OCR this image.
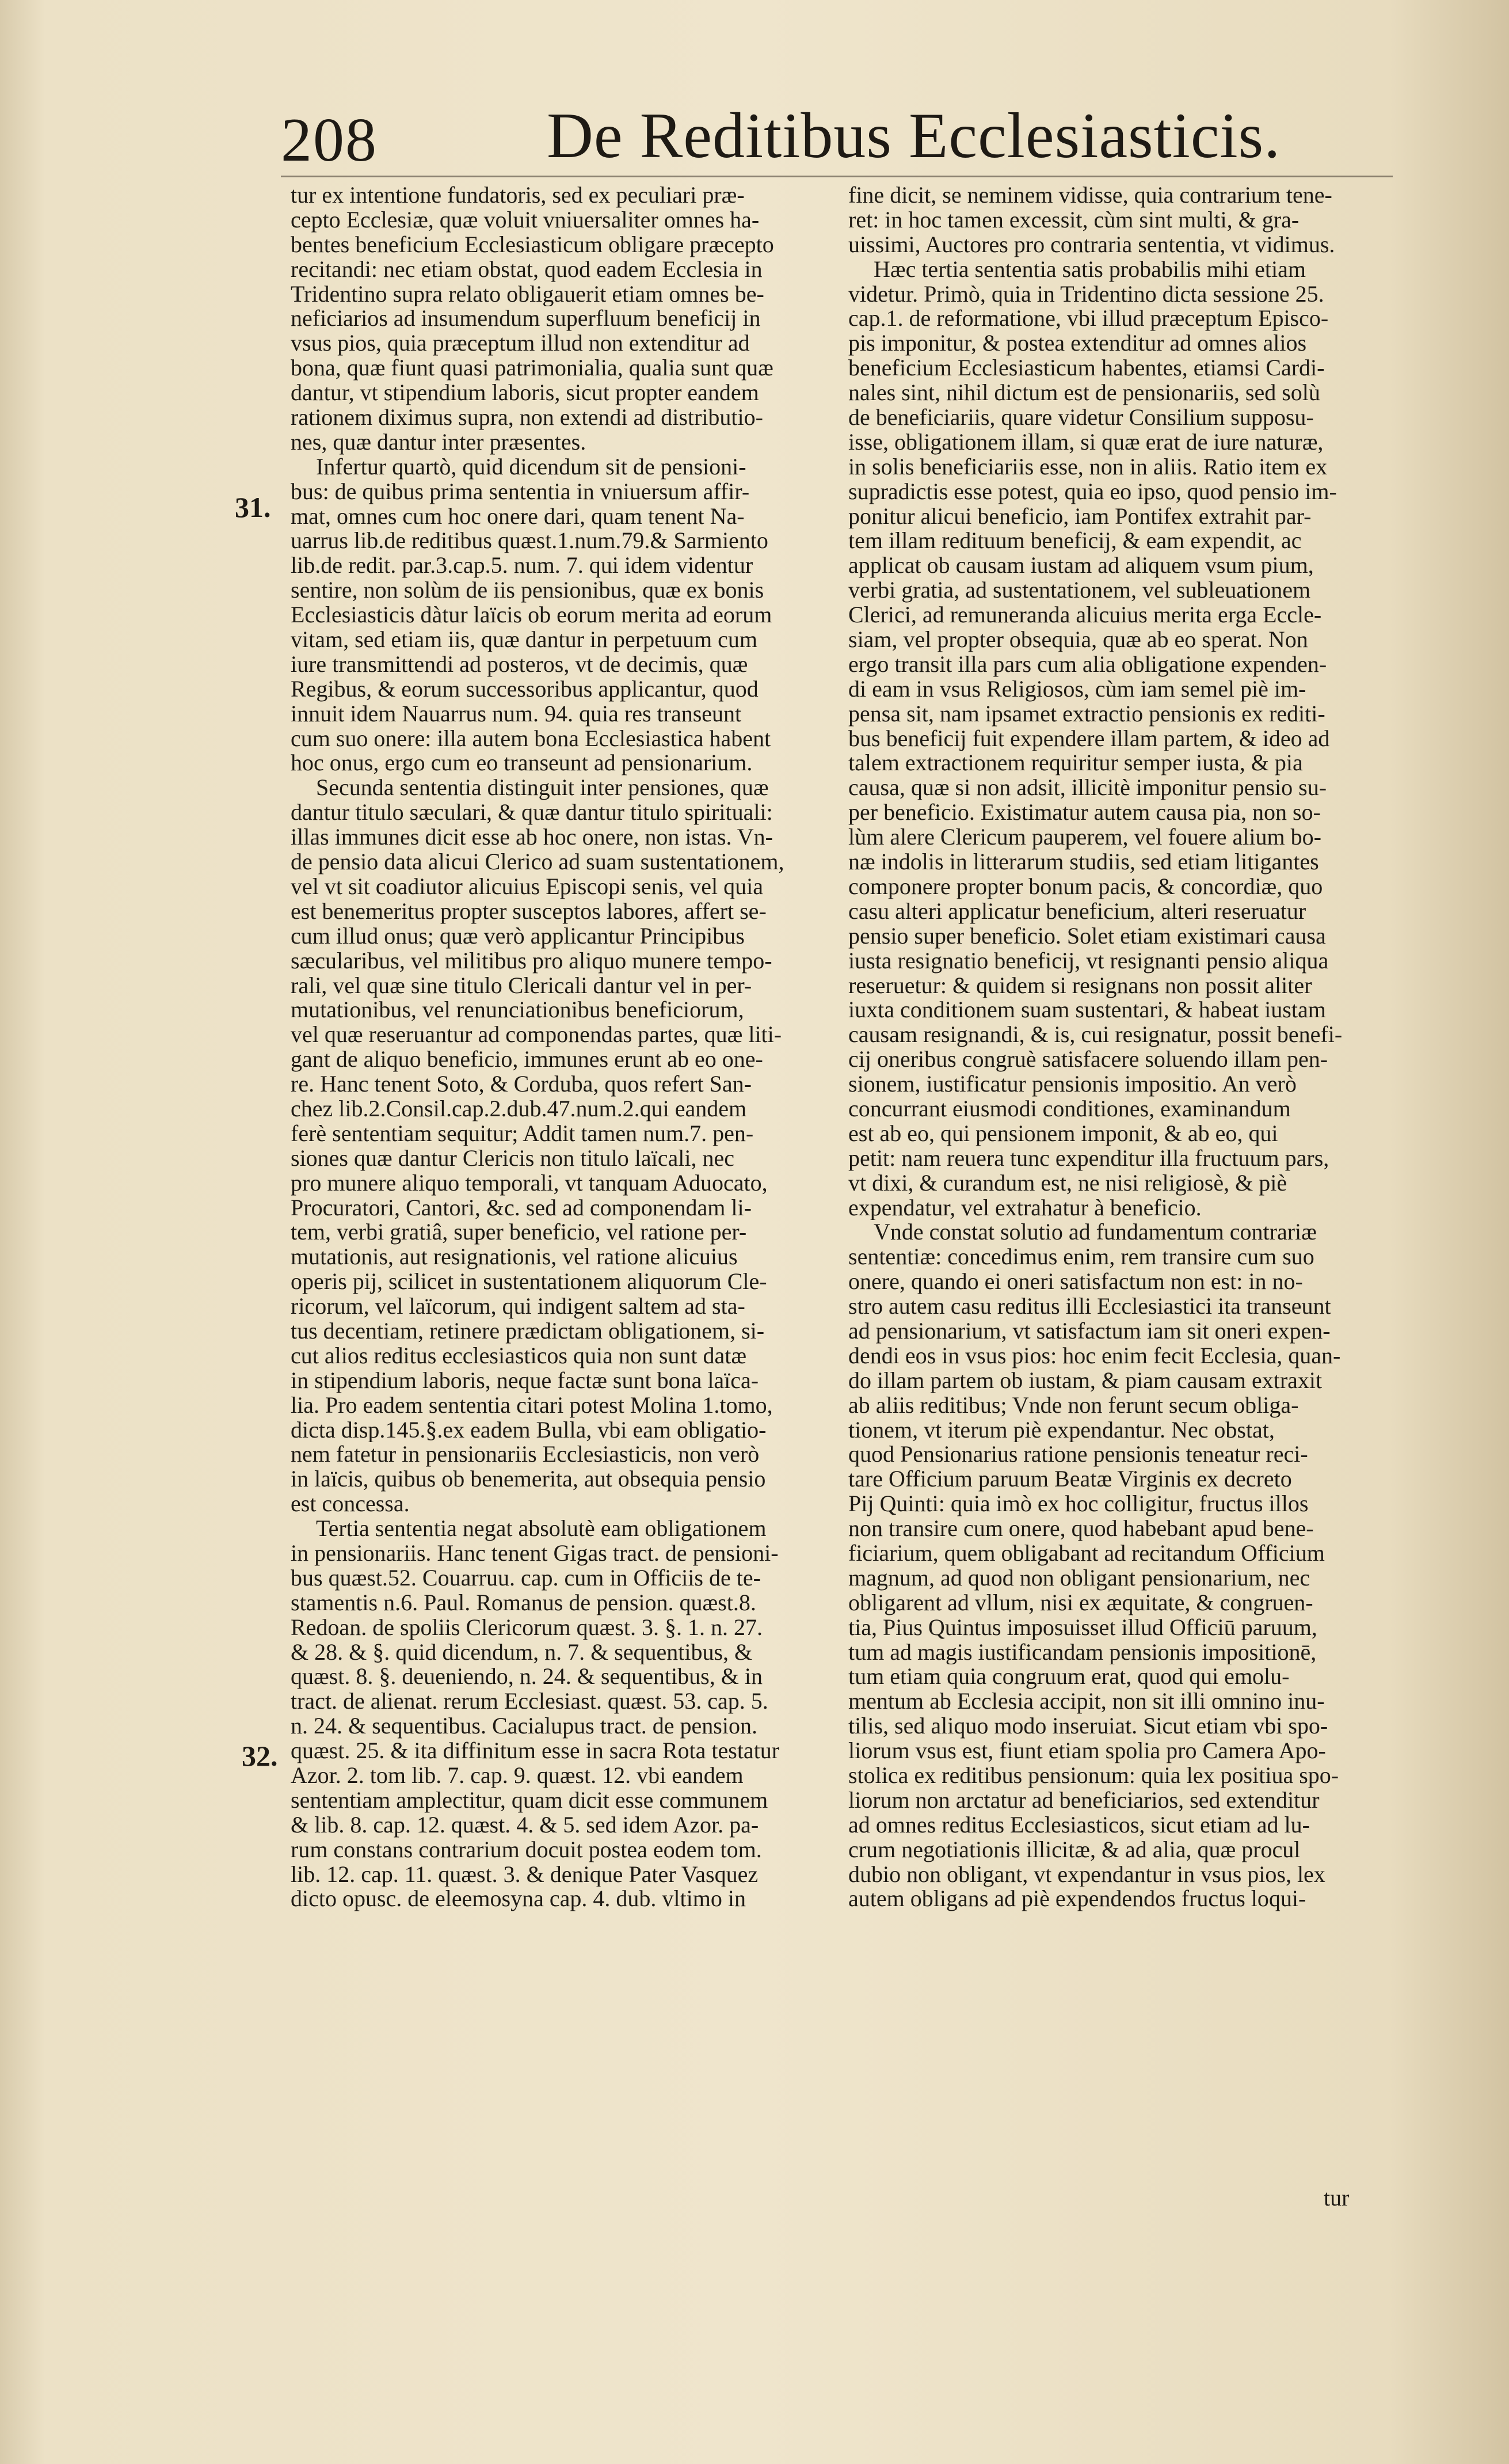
208	De Reditibus Ecclesiasticis.
31.
32.
tur ex intentione fundatoris, sed ex peculiari præ-
cepto Ecclesiæ, quæ voluit vniuersaliter omnes ha-
bentes beneficium Ecclesiasticum obligare præcepto
recitandi: nec etiam obstat, quod eadem Ecclesia in
Tridentino supra relato obligauerit etiam omnes be-
neficiarios ad insumendum superfluum beneficij in
vsus pios, quia præceptum illud non extenditur ad
bona, quæ fiunt quasi patrimonialia, qualia sunt quæ
dantur, vt stipendium laboris, sicut propter eandem
rationem diximus supra, non extendi ad distributio-
nes, quæ dantur inter præsentes.
Infertur quartò, quid dicendum sit de pensioni-
bus: de quibus prima sententia in vniuersum affir-
mat, omnes cum hoc onere dari, quam tenent Na-
uarrus lib.de reditibus quæst.1.num.79.& Sarmiento
lib.de redit. par.3.cap.5. num. 7. qui idem videntur
sentire, non solùm de iis pensionibus, quæ ex bonis
Ecclesiasticis dàtur laïcis ob eorum merita ad eorum
vitam, sed etiam iis, quæ dantur in perpetuum cum
iure transmittendi ad posteros, vt de decimis, quæ
Regibus, & eorum successoribus applicantur, quod
innuit idem Nauarrus num. 94. quia res transeunt
cum suo onere: illa autem bona Ecclesiastica habent
hoc onus, ergo cum eo transeunt ad pensionarium.
Secunda sententia distinguit inter pensiones, quæ
dantur titulo sæculari, & quæ dantur titulo spirituali:
illas immunes dicit esse ab hoc onere, non istas. Vn-
de pensio data alicui Clerico ad suam sustentationem,
vel vt sit coadiutor alicuius Episcopi senis, vel quia
est benemeritus propter susceptos labores, affert se-
cum illud onus; quæ verò applicantur Principibus
sæcularibus, vel militibus pro aliquo munere tempo-
rali, vel quæ sine titulo Clericali dantur vel in per-
mutationibus, vel renunciationibus beneficiorum,
vel quæ reseruantur ad componendas partes, quæ liti-
gant de aliquo beneficio, immunes erunt ab eo one-
re. Hanc tenent Soto, & Corduba, quos refert San-
chez lib.2.Consil.cap.2.dub.47.num.2.qui eandem
ferè sententiam sequitur; Addit tamen num.7. pen-
siones quæ dantur Clericis non titulo laïcali, nec
pro munere aliquo temporali, vt tanquam Aduocato,
Procuratori, Cantori, &c. sed ad componendam li-
tem, verbi gratiâ, super beneficio, vel ratione per-
mutationis, aut resignationis, vel ratione alicuius
operis pij, scilicet in sustentationem aliquorum Cle-
ricorum, vel laïcorum, qui indigent saltem ad sta-
tus decentiam, retinere prædictam obligationem, si-
cut alios reditus ecclesiasticos quia non sunt datæ
in stipendium laboris, neque factæ sunt bona laïca-
lia. Pro eadem sententia citari potest Molina 1.tomo,
dicta disp.145.§.ex eadem Bulla, vbi eam obligatio-
nem fatetur in pensionariis Ecclesiasticis, non verò
in laïcis, quibus ob benemerita, aut obsequia pensio
est concessa.
Tertia sententia negat absolutè eam obligationem
in pensionariis. Hanc tenent Gigas tract. de pensioni-
bus quæst.52. Couarruu. cap. cum in Officiis de te-
stamentis n.6. Paul. Romanus de pension. quæst.8.
Redoan. de spoliis Clericorum quæst. 3. §. 1. n. 27.
& 28. & §. quid dicendum, n. 7. & sequentibus, &
quæst. 8. §. deueniendo, n. 24. & sequentibus, & in
tract. de alienat. rerum Ecclesiast. quæst. 53. cap. 5.
n. 24. & sequentibus. Cacialupus tract. de pension.
quæst. 25. & ita diffinitum esse in sacra Rota testatur
Azor. 2. tom lib. 7. cap. 9. quæst. 12. vbi eandem
sententiam amplectitur, quam dicit esse communem
& lib. 8. cap. 12. quæst. 4. & 5. sed idem Azor. pa-
rum constans contrarium docuit postea eodem tom.
lib. 12. cap. 11. quæst. 3. & denique Pater Vasquez
dicto opusc. de eleemosyna cap. 4. dub. vltimo in
fine dicit, se neminem vidisse, quia contrarium tene-
ret: in hoc tamen excessit, cùm sint multi, & gra-
uissimi, Auctores pro contraria sententia, vt vidimus.
Hæc tertia sententia satis probabilis mihi etiam
videtur. Primò, quia in Tridentino dicta sessione 25.
cap.1. de reformatione, vbi illud præceptum Episco-
pis imponitur, & postea extenditur ad omnes alios
beneficium Ecclesiasticum habentes, etiamsi Cardi-
nales sint, nihil dictum est de pensionariis, sed solù
de beneficiariis, quare videtur Consilium supposu-
isse, obligationem illam, si quæ erat de iure naturæ,
in solis beneficiariis esse, non in aliis. Ratio item ex
supradictis esse potest, quia eo ipso, quod pensio im-
ponitur alicui beneficio, iam Pontifex extrahit par-
tem illam redituum beneficij, & eam expendit, ac
applicat ob causam iustam ad aliquem vsum pium,
verbi gratia, ad sustentationem, vel subleuationem
Clerici, ad remuneranda alicuius merita erga Eccle-
siam, vel propter obsequia, quæ ab eo sperat. Non
ergo transit illa pars cum alia obligatione expenden-
di eam in vsus Religiosos, cùm iam semel piè im-
pensa sit, nam ipsamet extractio pensionis ex rediti-
bus beneficij fuit expendere illam partem, & ideo ad
talem extractionem requiritur semper iusta, & pia
causa, quæ si non adsit, illicitè imponitur pensio su-
per beneficio. Existimatur autem causa pia, non so-
lùm alere Clericum pauperem, vel fouere alium bo-
næ indolis in litterarum studiis, sed etiam litigantes
componere propter bonum pacis, & concordiæ, quo
casu alteri applicatur beneficium, alteri reseruatur
pensio super beneficio. Solet etiam existimari causa
iusta resignatio beneficij, vt resignanti pensio aliqua
reseruetur: & quidem si resignans non possit aliter
iuxta conditionem suam sustentari, & habeat iustam
causam resignandi, & is, cui resignatur, possit benefi-
cij oneribus congruè satisfacere soluendo illam pen-
sionem, iustificatur pensionis impositio. An verò
concurrant eiusmodi conditiones, examinandum
est ab eo, qui pensionem imponit, & ab eo, qui
petit: nam reuera tunc expenditur illa fructuum pars,
vt dixi, & curandum est, ne nisi religiosè, & piè
expendatur, vel extrahatur à beneficio.
Vnde constat solutio ad fundamentum contrariæ
sententiæ: concedimus enim, rem transire cum suo
onere, quando ei oneri satisfactum non est: in no-
stro autem casu reditus illi Ecclesiastici ita transeunt
ad pensionarium, vt satisfactum iam sit oneri expen-
dendi eos in vsus pios: hoc enim fecit Ecclesia, quan-
do illam partem ob iustam, & piam causam extraxit
ab aliis reditibus; Vnde non ferunt secum obliga-
tionem, vt iterum piè expendantur. Nec obstat,
quod Pensionarius ratione pensionis teneatur reci-
tare Officium paruum Beatæ Virginis ex decreto
Pij Quinti: quia imò ex hoc colligitur, fructus illos
non transire cum onere, quod habebant apud bene-
ficiarium, quem obligabant ad recitandum Officium
magnum, ad quod non obligant pensionarium, nec
obligarent ad vllum, nisi ex æquitate, & congruen-
tia, Pius Quintus imposuisset illud Officiū paruum,
tum ad magis iustificandam pensionis impositionē,
tum etiam quia congruum erat, quod qui emolu-
mentum ab Ecclesia accipit, non sit illi omnino inu-
tilis, sed aliquo modo inseruiat. Sicut etiam vbi spo-
liorum vsus est, fiunt etiam spolia pro Camera Apo-
stolica ex reditibus pensionum: quia lex positiua spo-
liorum non arctatur ad beneficiarios, sed extenditur
ad omnes reditus Ecclesiasticos, sicut etiam ad lu-
crum negotiationis illicitæ, & ad alia, quæ procul
dubio non obligant, vt expendantur in vsus pios, lex
autem obligans ad piè expendendos fructus loqui-
tur
